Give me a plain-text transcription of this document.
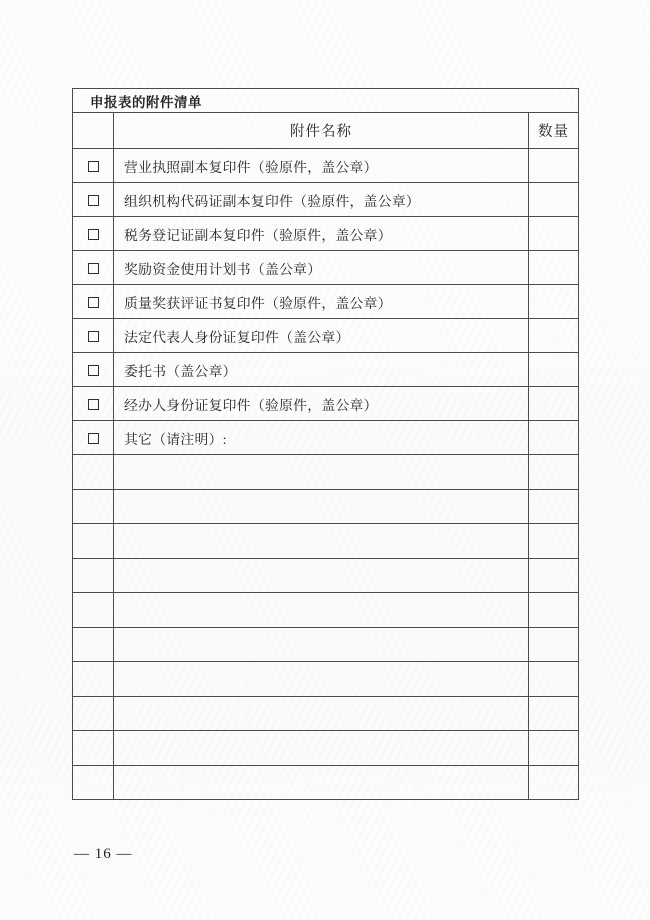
申报表的附件清单		
	附件名称	数量
	营业执照副本复印件（验原件，盖公章）	
	组织机构代码证副本复印件（验原件，盖公章）	
	税务登记证副本复印件（验原件，盖公章）	
	奖励资金使用计划书（盖公章）	
	质量奖获评证书复印件（验原件，盖公章）	
	法定代表人身份证复印件（盖公章）	
	委托书（盖公章）	
	经办人身份证复印件（验原件，盖公章）	
	其它（请注明）:	

— 16 —
